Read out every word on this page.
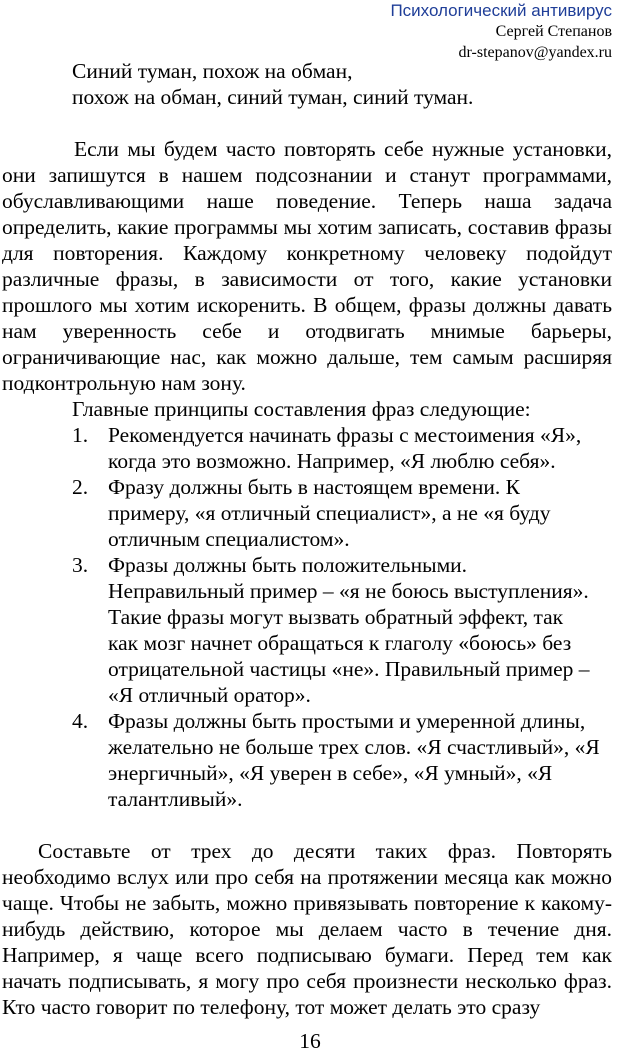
Психологический антивирус
Сергей Степанов
dr-stepanov@yandex.ru
Синий туман, похож на обман,
похож на обман, синий туман, синий туман.

Если мы будем часто повторять себе нужные установки, они запишутся в нашем подсознании и станут программами, обуславливающими наше поведение. Теперь наша задача определить, какие программы мы хотим записать, составив фразы для повторения. Каждому конкретному человеку подойдут различные фразы, в зависимости от того, какие установки прошлого мы хотим искоренить. В общем, фразы должны давать нам уверенность себе и отодвигать мнимые барьеры, ограничивающие нас, как можно дальше, тем самым расширяя подконтрольную нам зону.

Главные принципы составления фраз следующие:
1. Рекомендуется начинать фразы с местоимения «Я»,
когда это возможно. Например, «Я люблю себя».
2. Фразу должны быть в настоящем времени. К
примеру, «я отличный специалист», а не «я буду
отличным специалистом».
3. Фразы должны быть положительными.
Неправильный пример – «я не боюсь выступления».
Такие фразы могут вызвать обратный эффект, так
как мозг начнет обращаться к глаголу «боюсь» без
отрицательной частицы «не». Правильный пример –
«Я отличный оратор».
4. Фразы должны быть простыми и умеренной длины,
желательно не больше трех слов. «Я счастливый», «Я
энергичный», «Я уверен в себе», «Я умный», «Я
талантливый».

Составьте от трех до десяти таких фраз. Повторять необходимо вслух или про себя на протяжении месяца как можно чаще. Чтобы не забыть, можно привязывать повторение к какому-нибудь действию, которое мы делаем часто в течение дня. Например, я чаще всего подписываю бумаги. Перед тем как начать подписывать, я могу про себя произнести несколько фраз. Кто часто говорит по телефону, тот может делать это сразу

16
